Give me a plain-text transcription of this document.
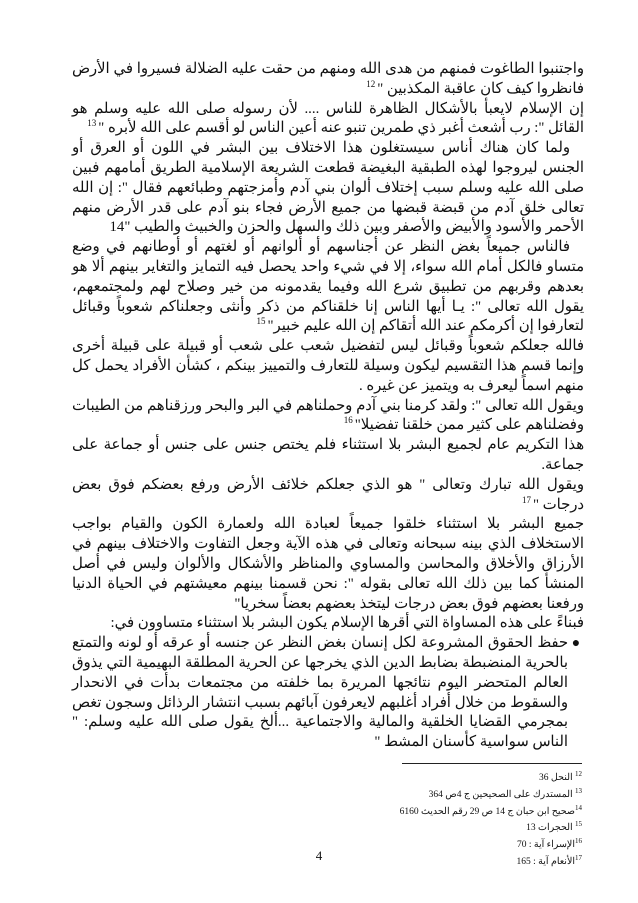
واجتنبوا الطاغوت فمنهم من هدى الله ومنهم من حقت عليه الضلالة فسيروا في الأرض فانظروا كيف كان عاقبة المكذبين "$^{12}$

إن الإسلام لايعبأ بالأشكال الظاهرة للناس .... لأن رسوله صلى الله عليه وسلم هو القائل ": رب أشعث أغبر ذي طمرين تنبو عنه أعين الناس لو أقسم على الله لأبره "$^{13}$

ولما كان هناك أناس سيستغلون هذا الاختلاف بين البشر في اللون أو العرق أو الجنس ليروجوا لهذه الطبقية البغيضة قطعت الشريعة الإسلامية الطريق أمامهم فبين صلى الله عليه وسلم سبب إختلاف ألوان بني آدم وأمزجتهم وطبائعهم فقال ": إن الله تعالى خلق آدم من قبضة قبضها من جميع الأرض فجاء بنو آدم على قدر الأرض منهم الأحمر والأسود والأبيض والأصفر وبين ذلك والسهل والحزن والخبيث والطيب "14

فالناس جميعاً بغض النظر عن أجناسهم أو ألوانهم أو لغتهم أو أوطانهم في وضع متساو فالكل أمام الله سواء، إلا في شيء واحد يحصل فيه التمايز والتغاير بينهم ألا هو بعدهم وقربهم من تطبيق شرع الله وفيما يقدمونه من خير وصلاح لهم ولمجتمعهم، يقول الله تعالى ": يـا أيها الناس إنا خلقناكم من ذكر وأنثى وجعلناكم شعوباً وقبائل لتعارفوا إن أكرمكم عند الله أتقاكم إن الله عليم خبير"$^{15}$

فالله جعلكم شعوباً وقبائل ليس لتفضيل شعب على شعب أو قبيلة على قبيلة أخرى وإنما قسم هذا التقسيم ليكون وسيلة للتعارف والتمييز بينكم ، كشأن الأفراد يحمل كل منهم اسماً ليعرف به ويتميز عن غيره .

ويقول الله تعالى ": ولقد كرمنا بني آدم وحملناهم في البر والبحر ورزقناهم من الطيبات وفضلناهم على كثير ممن خلقنا تفضيلا"$^{16}$

هذا التكريم عام لجميع البشر بلا استثناء فلم يختص جنس على جنس أو جماعة على جماعة.

ويقول الله تبارك وتعالى " هو الذي جعلكم خلائف الأرض ورفع بعضكم فوق بعض درجات "$^{17}$

جميع البشر بلا استثناء خلقوا جميعاً لعبادة الله ولعمارة الكون والقيام بواجب الاستخلاف الذي بينه سبحانه وتعالى في هذه الآية وجعل التفاوت والاختلاف بينهم في الأرزاق والأخلاق والمحاسن والمساوي والمناظر والأشكال والألوان وليس في أصل المنشأ كما بين ذلك الله تعالى بقوله ": نحن قسمنا بينهم معيشتهم في الحياة الدنيا ورفعنا بعضهم فوق بعض درجات ليتخذ بعضهم بعضاً سخريا"

فبناءً على هذه المساواة التي أقرها الإسلام يكون البشر بلا استثناء متساوون في:

●
حفظ الحقوق المشروعة لكل إنسان بغض النظر عن جنسه أو عرقه أو لونه والتمتع بالحرية المنضبطة بضابط الدين الذي يخرجها عن الحرية المطلقة البهيمية التي يذوق العالم المتحضر اليوم نتائجها المريرة بما خلفته من مجتمعات بدأت في الانحدار والسقوط من خلال أفراد أغلبهم لايعرفون آبائهم بسبب انتشار الرذائل وسجون تغص بمجرمي القضايا الخلقية والمالية والاجتماعية ...ألخ يقول صلى الله عليه وسلم: " الناس سواسية كأسنان المشط "
$^{12}$ النحل 36
$^{13}$ المستدرك على الصحيحين ج 4ص 364
$^{14}$صحيح ابن حبان ج 14 ص 29 رقم الحديث 6160
$^{15}$ الحجرات 13
$^{16}$الإسراء آية : 70
$^{17}$الأنعام آية : 165
4
